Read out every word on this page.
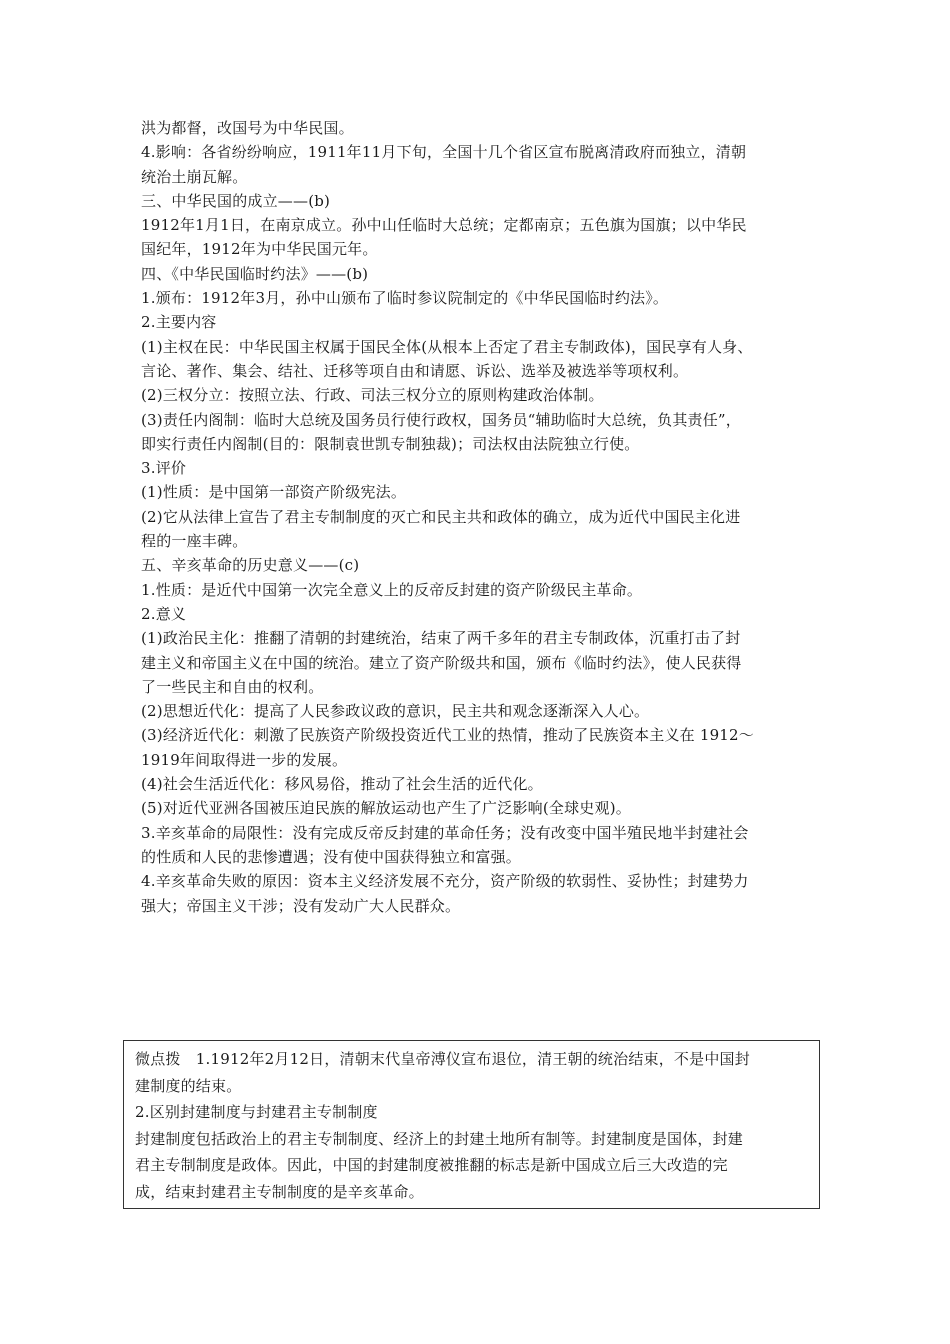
洪为都督，改国号为中华民国。
4.影响：各省纷纷响应，1911年11月下旬，全国十几个省区宣布脱离清政府而独立，清朝
统治土崩瓦解。
三、中华民国的成立——(b)
1912年1月1日，在南京成立。孙中山任临时大总统；定都南京；五色旗为国旗；以中华民
国纪年，1912年为中华民国元年。
四、《中华民国临时约法》——(b)
1.颁布：1912年3月，孙中山颁布了临时参议院制定的《中华民国临时约法》。
2.主要内容
(1)主权在民：中华民国主权属于国民全体(从根本上否定了君主专制政体)，国民享有人身、
言论、著作、集会、结社、迁移等项自由和请愿、诉讼、选举及被选举等项权利。
(2)三权分立：按照立法、行政、司法三权分立的原则构建政治体制。
(3)责任内阁制：临时大总统及国务员行使行政权，国务员“辅助临时大总统，负其责任”，
即实行责任内阁制(目的：限制袁世凯专制独裁)；司法权由法院独立行使。
3.评价
(1)性质：是中国第一部资产阶级宪法。
(2)它从法律上宣告了君主专制制度的灭亡和民主共和政体的确立，成为近代中国民主化进
程的一座丰碑。
五、辛亥革命的历史意义——(c)
1.性质：是近代中国第一次完全意义上的反帝反封建的资产阶级民主革命。
2.意义
(1)政治民主化：推翻了清朝的封建统治，结束了两千多年的君主专制政体，沉重打击了封
建主义和帝国主义在中国的统治。建立了资产阶级共和国，颁布《临时约法》，使人民获得
了一些民主和自由的权利。
(2)思想近代化：提高了人民参政议政的意识，民主共和观念逐渐深入人心。
(3)经济近代化：刺激了民族资产阶级投资近代工业的热情，推动了民族资本主义在 1912～
1919年间取得进一步的发展。
(4)社会生活近代化：移风易俗，推动了社会生活的近代化。
(5)对近代亚洲各国被压迫民族的解放运动也产生了广泛影响(全球史观)。
3.辛亥革命的局限性：没有完成反帝反封建的革命任务；没有改变中国半殖民地半封建社会
的性质和人民的悲惨遭遇；没有使中国获得独立和富强。
4.辛亥革命失败的原因：资本主义经济发展不充分，资产阶级的软弱性、妥协性；封建势力
强大；帝国主义干涉；没有发动广大人民群众。
微点拨　1.1912年2月12日，清朝末代皇帝溥仪宣布退位，清王朝的统治结束，不是中国封
建制度的结束。
2.区别封建制度与封建君主专制制度
封建制度包括政治上的君主专制制度、经济上的封建土地所有制等。封建制度是国体，封建
君主专制制度是政体。因此，中国的封建制度被推翻的标志是新中国成立后三大改造的完
成，结束封建君主专制制度的是辛亥革命。
